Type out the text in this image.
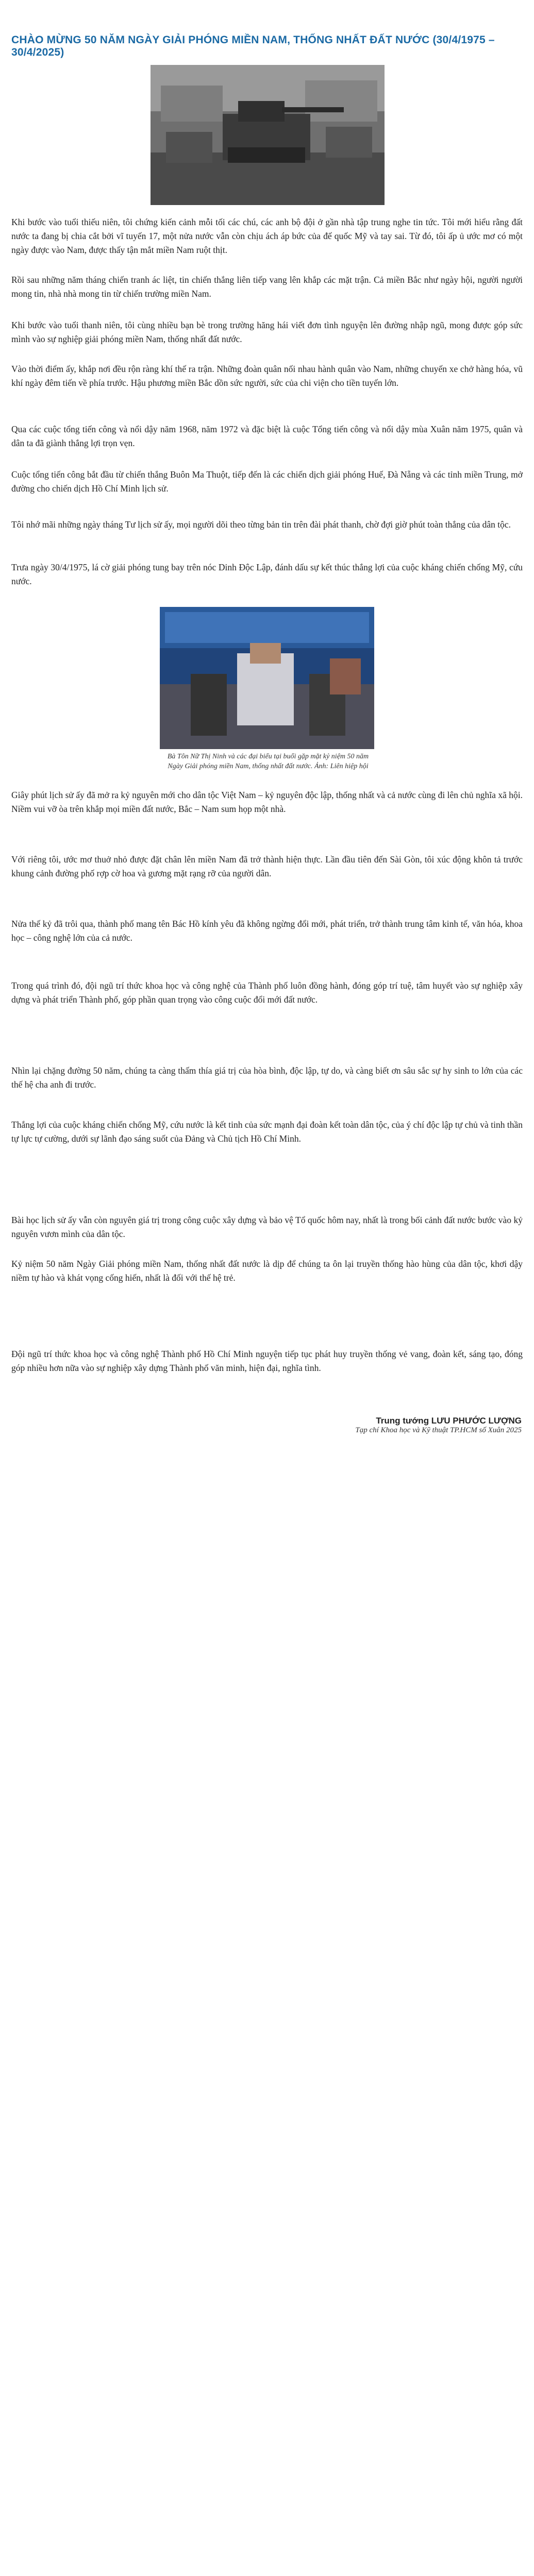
CHÀO MỪNG 50 NĂM NGÀY GIẢI PHÓNG MIỀN NAM, THỐNG NHẤT ĐẤT NƯỚC (30/4/1975 – 30/4/2025)
Khi bước vào tuổi thiếu niên, tôi chứng kiến cảnh mỗi tối các chú, các anh bộ đội ở gần nhà tập trung nghe tin tức. Tôi mới hiểu rằng đất nước ta đang bị chia cắt bởi vĩ tuyến 17, một nửa nước vẫn còn chịu ách áp bức của đế quốc Mỹ và tay sai. Từ đó, tôi ấp ủ ước mơ có một ngày được vào Nam, được thấy tận mắt miền Nam ruột thịt.
Rồi sau những năm tháng chiến tranh ác liệt, tin chiến thắng liên tiếp vang lên khắp các mặt trận. Cả miền Bắc như ngày hội, người người mong tin, nhà nhà mong tin từ chiến trường miền Nam.
Khi bước vào tuổi thanh niên, tôi cùng nhiều bạn bè trong trường hăng hái viết đơn tình nguyện lên đường nhập ngũ, mong được góp sức mình vào sự nghiệp giải phóng miền Nam, thống nhất đất nước.
Vào thời điểm ấy, khắp nơi đều rộn ràng khí thế ra trận. Những đoàn quân nối nhau hành quân vào Nam, những chuyến xe chở hàng hóa, vũ khí ngày đêm tiến về phía trước. Hậu phương miền Bắc dồn sức người, sức của chi viện cho tiền tuyến lớn.
Qua các cuộc tổng tiến công và nổi dậy năm 1968, năm 1972 và đặc biệt là cuộc Tổng tiến công và nổi dậy mùa Xuân năm 1975, quân và dân ta đã giành thắng lợi trọn vẹn.
Cuộc tổng tiến công bắt đầu từ chiến thắng Buôn Ma Thuột, tiếp đến là các chiến dịch giải phóng Huế, Đà Nẵng và các tỉnh miền Trung, mở đường cho chiến dịch Hồ Chí Minh lịch sử.
Tôi nhớ mãi những ngày tháng Tư lịch sử ấy, mọi người dõi theo từng bản tin trên đài phát thanh, chờ đợi giờ phút toàn thắng của dân tộc.
Trưa ngày 30/4/1975, lá cờ giải phóng tung bay trên nóc Dinh Độc Lập, đánh dấu sự kết thúc thắng lợi của cuộc kháng chiến chống Mỹ, cứu nước.
Bà Tôn Nữ Thị Ninh và các đại biểu tại buổi gặp mặt kỷ niệm 50 năm Ngày Giải phóng miền Nam, thống nhất đất nước. Ảnh: Liên hiệp hội
Giây phút lịch sử ấy đã mở ra kỷ nguyên mới cho dân tộc Việt Nam – kỷ nguyên độc lập, thống nhất và cả nước cùng đi lên chủ nghĩa xã hội. Niềm vui vỡ òa trên khắp mọi miền đất nước, Bắc – Nam sum họp một nhà.
Với riêng tôi, ước mơ thuở nhỏ được đặt chân lên miền Nam đã trở thành hiện thực. Lần đầu tiên đến Sài Gòn, tôi xúc động khôn tả trước khung cảnh đường phố rợp cờ hoa và gương mặt rạng rỡ của người dân.
Nửa thế kỷ đã trôi qua, thành phố mang tên Bác Hồ kính yêu đã không ngừng đổi mới, phát triển, trở thành trung tâm kinh tế, văn hóa, khoa học – công nghệ lớn của cả nước.
Trong quá trình đó, đội ngũ trí thức khoa học và công nghệ của Thành phố luôn đồng hành, đóng góp trí tuệ, tâm huyết vào sự nghiệp xây dựng và phát triển Thành phố, góp phần quan trọng vào công cuộc đổi mới đất nước.
Nhìn lại chặng đường 50 năm, chúng ta càng thấm thía giá trị của hòa bình, độc lập, tự do, và càng biết ơn sâu sắc sự hy sinh to lớn của các thế hệ cha anh đi trước.
Thắng lợi của cuộc kháng chiến chống Mỹ, cứu nước là kết tinh của sức mạnh đại đoàn kết toàn dân tộc, của ý chí độc lập tự chủ và tinh thần tự lực tự cường, dưới sự lãnh đạo sáng suốt của Đảng và Chủ tịch Hồ Chí Minh.
Bài học lịch sử ấy vẫn còn nguyên giá trị trong công cuộc xây dựng và bảo vệ Tổ quốc hôm nay, nhất là trong bối cảnh đất nước bước vào kỷ nguyên vươn mình của dân tộc.
Kỷ niệm 50 năm Ngày Giải phóng miền Nam, thống nhất đất nước là dịp để chúng ta ôn lại truyền thống hào hùng của dân tộc, khơi dậy niềm tự hào và khát vọng cống hiến, nhất là đối với thế hệ trẻ.
Đội ngũ trí thức khoa học và công nghệ Thành phố Hồ Chí Minh nguyện tiếp tục phát huy truyền thống vẻ vang, đoàn kết, sáng tạo, đóng góp nhiều hơn nữa vào sự nghiệp xây dựng Thành phố văn minh, hiện đại, nghĩa tình.
Trung tướng LƯU PHƯỚC LƯỢNG
Tạp chí Khoa học và Kỹ thuật TP.HCM số Xuân 2025
